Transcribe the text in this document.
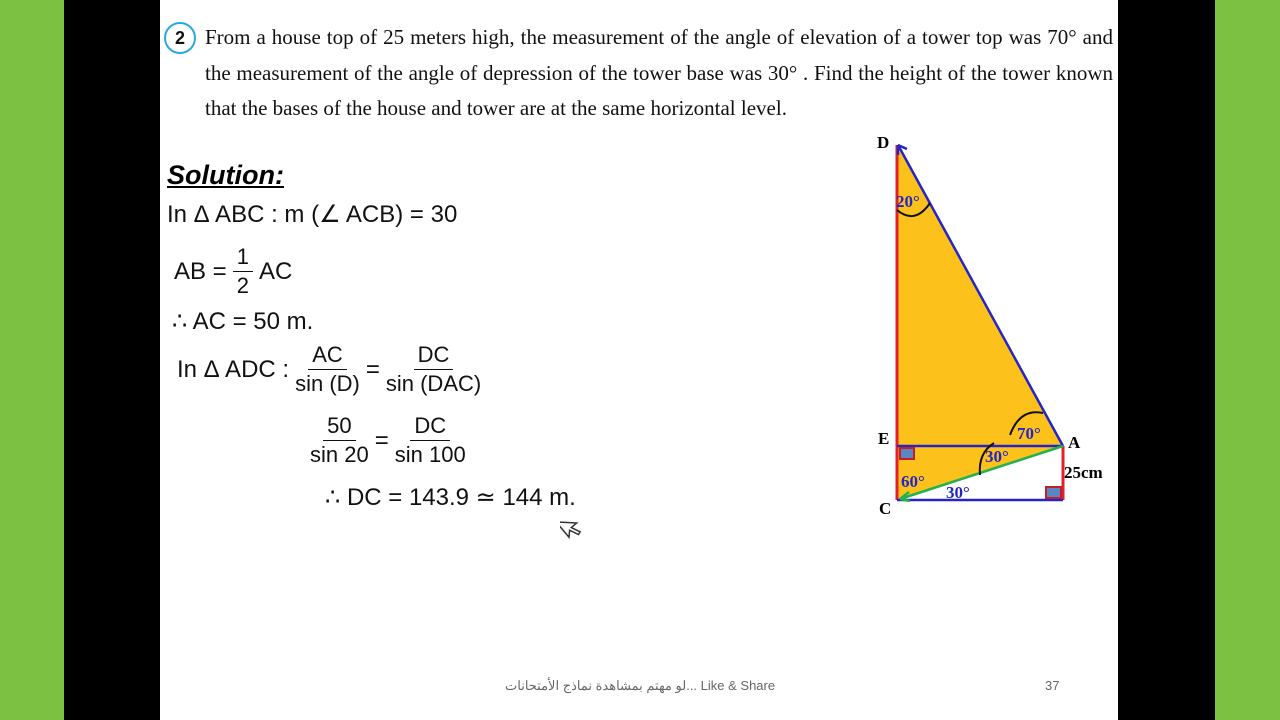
2 From a house top of 25 meters high, the measurement of the angle of elevation of a tower top was 70° and the measurement of the angle of depression of the tower base was 30° . Find the height of the tower known that the bases of the house and tower are at the same horizontal level.
Solution:
In Δ ABC : m (∠ ACB) = 30
AB = $\frac{1}{2}$ AC
∴ AC = 50 m.
In Δ ADC : $\frac{AC}{\sin (D)}$ =
DC
sin (DAC)
$\frac{50}{\sin 20} = \frac{DC}{\sin 100}$
∴ DC = 143.9 ≃ 144 m.
20°
70°
30°
60°
30°
D
E	A
C
25cm
لو مهتم بمشاهدة نماذج الأمتحانات... Like & Share	37
